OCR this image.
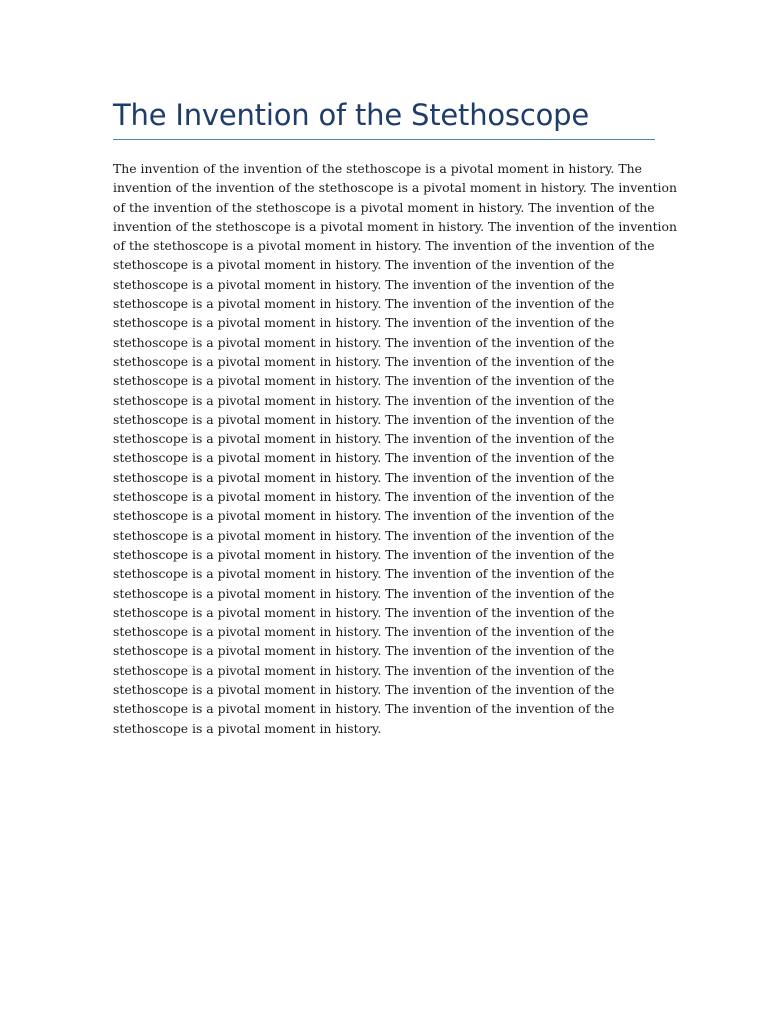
The Invention of the Stethoscope
The invention of the invention of the stethoscope is a pivotal moment in history. The
invention of the invention of the stethoscope is a pivotal moment in history. The invention
of the invention of the stethoscope is a pivotal moment in history. The invention of the
invention of the stethoscope is a pivotal moment in history. The invention of the invention
of the stethoscope is a pivotal moment in history. The invention of the invention of the
stethoscope is a pivotal moment in history. The invention of the invention of the
stethoscope is a pivotal moment in history. The invention of the invention of the
stethoscope is a pivotal moment in history. The invention of the invention of the
stethoscope is a pivotal moment in history. The invention of the invention of the
stethoscope is a pivotal moment in history. The invention of the invention of the
stethoscope is a pivotal moment in history. The invention of the invention of the
stethoscope is a pivotal moment in history. The invention of the invention of the
stethoscope is a pivotal moment in history. The invention of the invention of the
stethoscope is a pivotal moment in history. The invention of the invention of the
stethoscope is a pivotal moment in history. The invention of the invention of the
stethoscope is a pivotal moment in history. The invention of the invention of the
stethoscope is a pivotal moment in history. The invention of the invention of the
stethoscope is a pivotal moment in history. The invention of the invention of the
stethoscope is a pivotal moment in history. The invention of the invention of the
stethoscope is a pivotal moment in history. The invention of the invention of the
stethoscope is a pivotal moment in history. The invention of the invention of the
stethoscope is a pivotal moment in history. The invention of the invention of the
stethoscope is a pivotal moment in history. The invention of the invention of the
stethoscope is a pivotal moment in history. The invention of the invention of the
stethoscope is a pivotal moment in history. The invention of the invention of the
stethoscope is a pivotal moment in history. The invention of the invention of the
stethoscope is a pivotal moment in history. The invention of the invention of the
stethoscope is a pivotal moment in history. The invention of the invention of the
stethoscope is a pivotal moment in history. The invention of the invention of the
stethoscope is a pivotal moment in history.
